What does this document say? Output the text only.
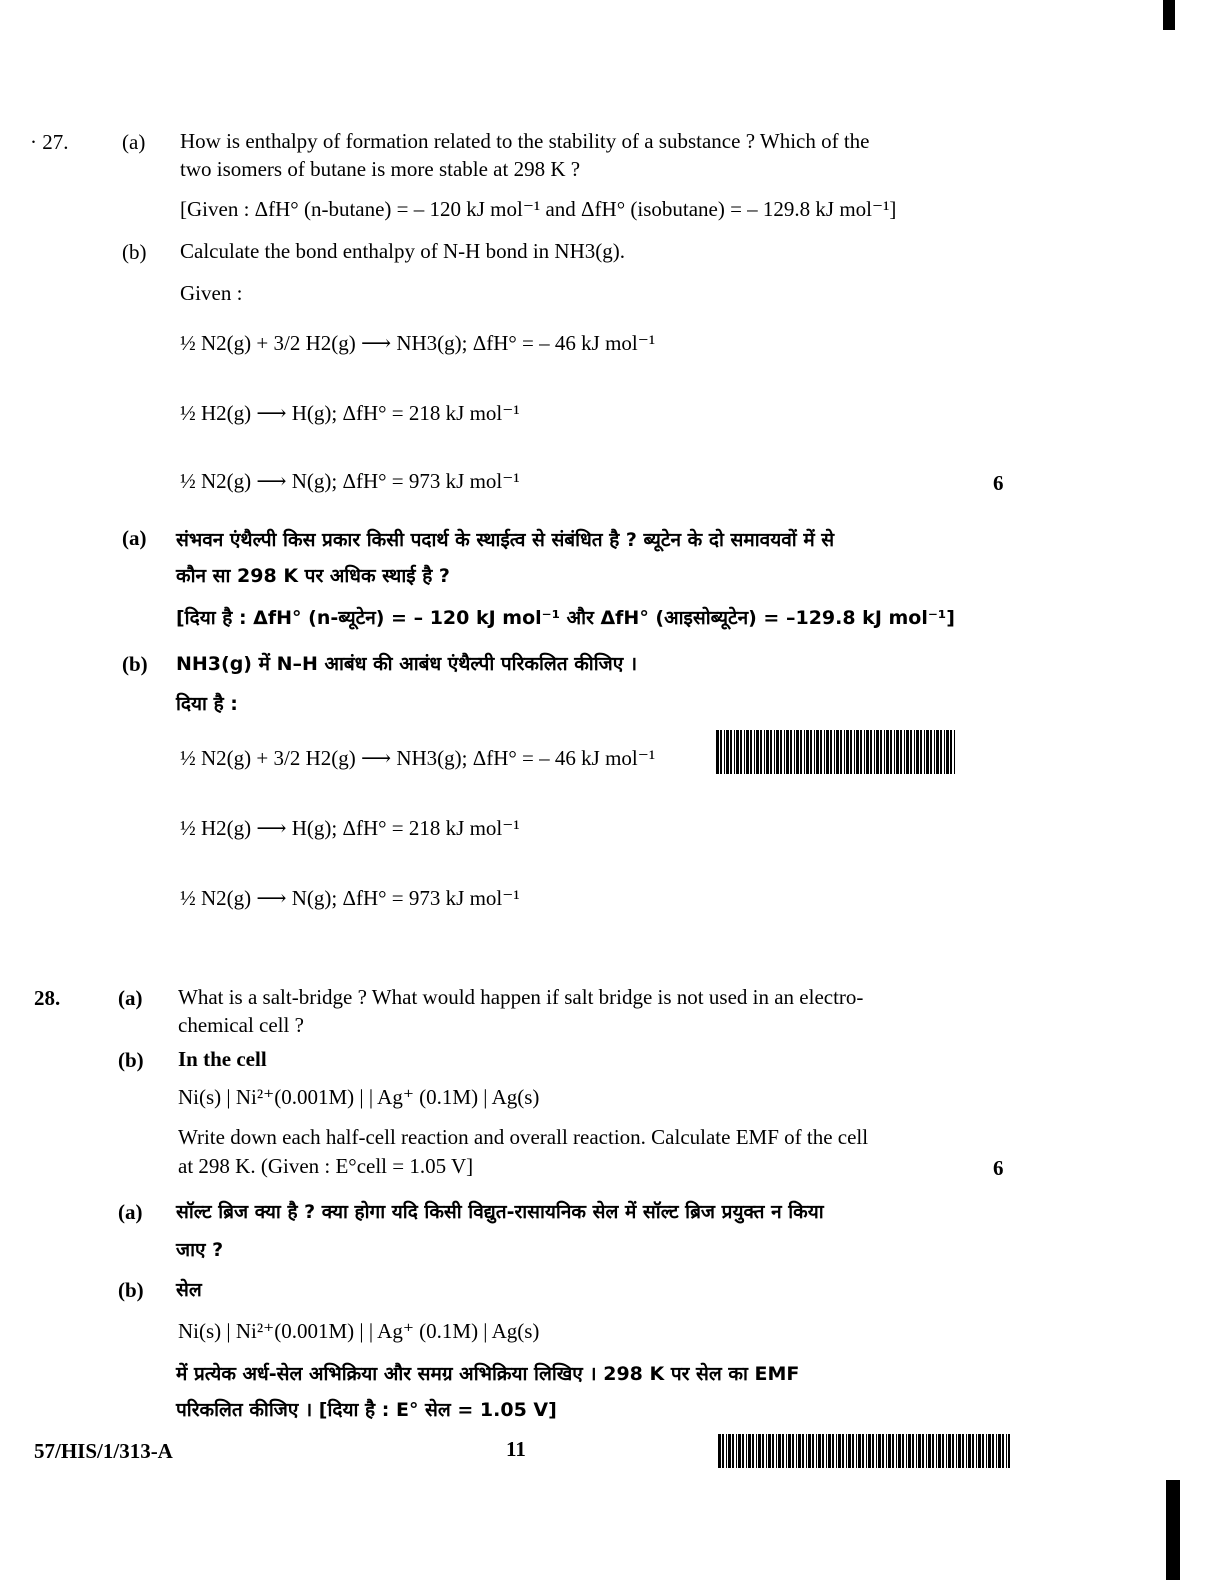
· 27.	(a) How is enthalpy of formation related to the stability of a substance ? Which of the
two isomers of butane is more stable at 298 K ?
[Given : ΔfH° (n-butane) = – 120 kJ mol⁻¹ and ΔfH° (isobutane) = – 129.8 kJ mol⁻¹]
(b) Calculate the bond enthalpy of N-H bond in NH3(g).
Given :
½ N2(g) + 3/2 H2(g) ⟶ NH3(g); ΔfH° = – 46 kJ mol⁻¹
½ H2(g) ⟶ H(g); ΔfH° = 218 kJ mol⁻¹
½ N2(g) ⟶ N(g); ΔfH° = 973 kJ mol⁻¹	6
(a) संभवन एंथैल्पी किस प्रकार किसी पदार्थ के स्थाईत्व से संबंधित है ? ब्यूटेन के दो समावयवों में से
कौन सा 298 K पर अधिक स्थाई है ?
[दिया है : ΔfH° (n-ब्यूटेन) = – 120 kJ mol⁻¹ और ΔfH° (आइसोब्यूटेन) = –129.8 kJ mol⁻¹]
(b) NH3(g) में N–H आबंध की आबंध एंथैल्पी परिकलित कीजिए ।
दिया है :
½ N2(g) + 3/2 H2(g) ⟶ NH3(g); ΔfH° = – 46 kJ mol⁻¹
½ H2(g) ⟶ H(g); ΔfH° = 218 kJ mol⁻¹
½ N2(g) ⟶ N(g); ΔfH° = 973 kJ mol⁻¹
28.	(a) What is a salt-bridge ? What would happen if salt bridge is not used in an electro-
chemical cell ?
(b) In the cell
Ni(s) | Ni²⁺(0.001M) | | Ag⁺ (0.1M) | Ag(s)
Write down each half-cell reaction and overall reaction. Calculate EMF of the cell
at 298 K. (Given : E°cell = 1.05 V]	6
(a) सॉल्ट ब्रिज क्या है ? क्या होगा यदि किसी विद्युत-रासायनिक सेल में सॉल्ट ब्रिज प्रयुक्त न किया
जाए ?
(b) सेल
Ni(s) | Ni²⁺(0.001M) | | Ag⁺ (0.1M) | Ag(s)
में प्रत्येक अर्ध-सेल अभिक्रिया और समग्र अभिक्रिया लिखिए । 298 K पर सेल का EMF
परिकलित कीजिए । [दिया है : E° सेल = 1.05 V]
57/HIS/1/313-A	11
